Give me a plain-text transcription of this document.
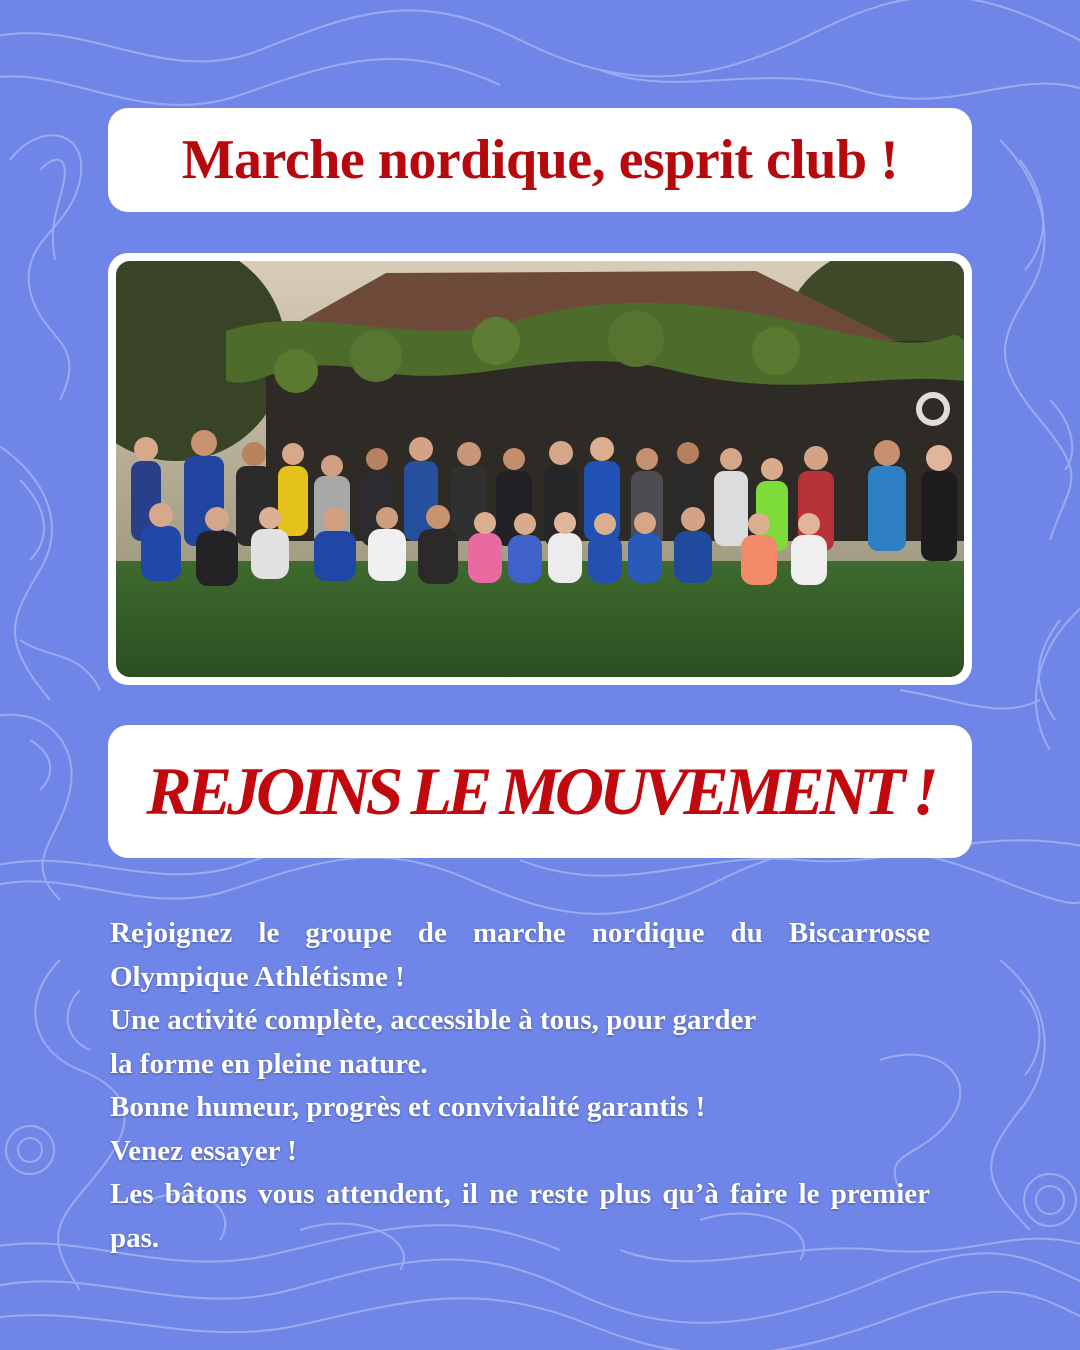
Marche nordique, esprit club !
REJOINS LE MOUVEMENT !

Rejoignez le groupe de marche nordique du Biscarrosse Olympique Athlétisme !

Une activité complète, accessible à tous, pour garder

la forme en pleine nature.

Bonne humeur, progrès et convivialité garantis !

Venez essayer !

Les bâtons vous attendent, il ne reste plus qu’à faire le premier pas.
